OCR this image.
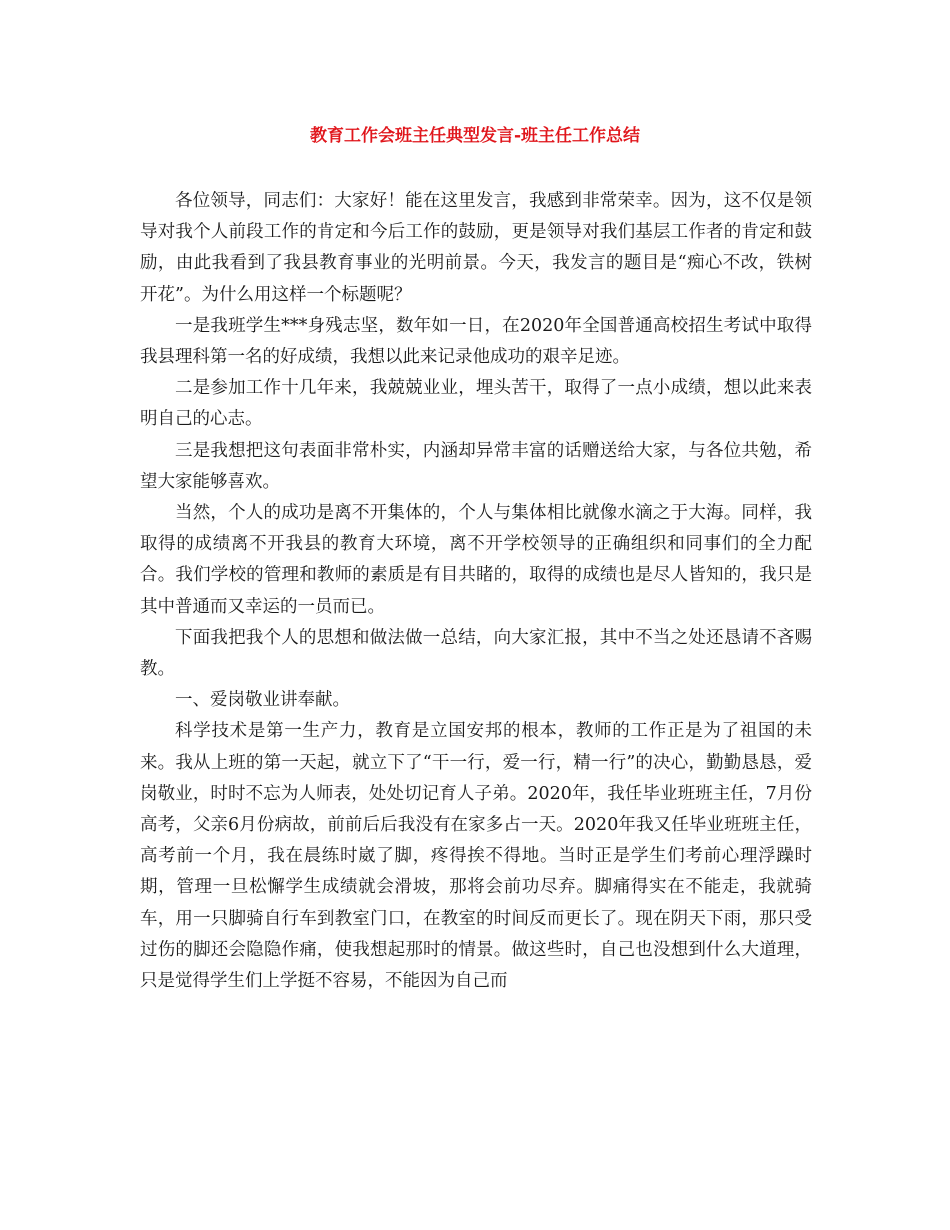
教育工作会班主任典型发言-班主任工作总结

各位领导，同志们：大家好！能在这里发言，我感到非常荣幸。因为，这不仅是领导对我个人前段工作的肯定和今后工作的鼓励，更是领导对我们基层工作者的肯定和鼓励，由此我看到了我县教育事业的光明前景。今天，我发言的题目是“痴心不改，铁树开花”。为什么用这样一个标题呢？

一是我班学生***身残志坚，数年如一日，在2020年全国普通高校招生考试中取得我县理科第一名的好成绩，我想以此来记录他成功的艰辛足迹。

二是参加工作十几年来，我兢兢业业，埋头苦干，取得了一点小成绩，想以此来表明自己的心志。

三是我想把这句表面非常朴实，内涵却异常丰富的话赠送给大家，与各位共勉，希望大家能够喜欢。

当然，个人的成功是离不开集体的，个人与集体相比就像水滴之于大海。同样，我取得的成绩离不开我县的教育大环境，离不开学校领导的正确组织和同事们的全力配合。我们学校的管理和教师的素质是有目共睹的，取得的成绩也是尽人皆知的，我只是其中普通而又幸运的一员而已。

下面我把我个人的思想和做法做一总结，向大家汇报，其中不当之处还恳请不吝赐教。

一、爱岗敬业讲奉献。

科学技术是第一生产力，教育是立国安邦的根本，教师的工作正是为了祖国的未来。我从上班的第一天起，就立下了“干一行，爱一行，精一行”的决心，勤勤恳恳，爱岗敬业，时时不忘为人师表，处处切记育人子弟。2020年，我任毕业班班主任，7月份高考，父亲6月份病故，前前后后我没有在家多占一天。2020年我又任毕业班班主任，高考前一个月，我在晨练时崴了脚，疼得挨不得地。当时正是学生们考前心理浮躁时期，管理一旦松懈学生成绩就会滑坡，那将会前功尽弃。脚痛得实在不能走，我就骑车，用一只脚骑自行车到教室门口，在教室的时间反而更长了。现在阴天下雨，那只受过伤的脚还会隐隐作痛，使我想起那时的情景。做这些时，自己也没想到什么大道理，只是觉得学生们上学挺不容易，不能因为自己而
